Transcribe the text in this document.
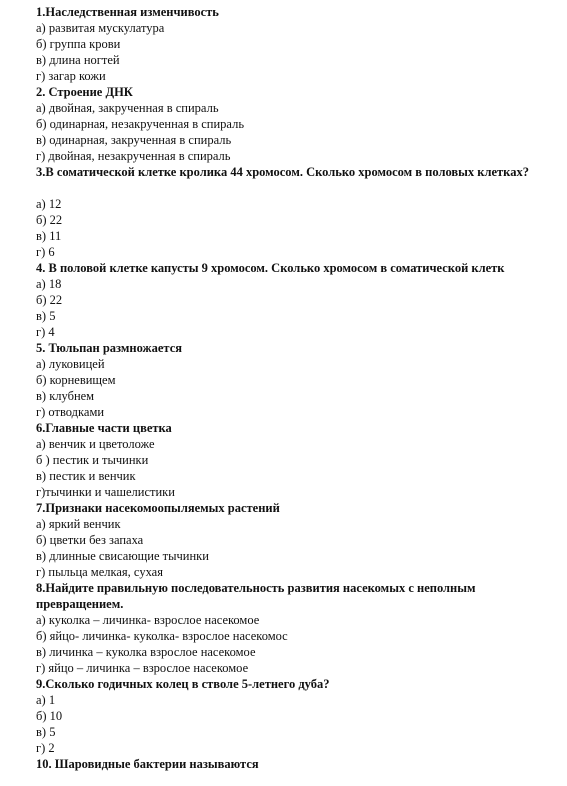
1.Наследственная изменчивость

а) развитая мускулатура

б) группа крови

в) длина ногтей

г) загар кожи

2. Строение ДНК

а) двойная, закрученная в спираль

б) одинарная, незакрученная в спираль

в) одинарная, закрученная в спираль

г) двойная, незакрученная в спираль

3.В соматической клетке кролика 44 хромосом. Сколько хромосом в половых клетках?

а) 12

б) 22

в) 11

г) 6

4. В половой клетке капусты 9 хромосом. Сколько хромосом в соматической клетк

а) 18

б) 22

в) 5

г) 4

5. Тюльпан размножается

а) луковицей

б) корневищем

в) клубнем

г) отводками

6.Главные части цветка

а) венчик и цветоложе

б ) пестик и тычинки

в) пестик и венчик

г)тычинки и чашелистики

7.Признаки насекомоопыляемых растений

а) яркий венчик

б) цветки без запаха

в) длинные свисающие тычинки

г) пыльца мелкая, сухая

8.Найдите правильную последовательность развития насекомых с неполным превращением.

а) куколка – личинка- взрослое насекомое

б) яйцо- личинка- куколка- взрослое насекомос

в) личинка – куколка взрослое насекомое

г) яйцо – личинка – взрослое насекомое

9.Сколько годичных колец в стволе 5-летнего дуба?

а) 1

б) 10

в) 5

г) 2

10. Шаровидные бактерии называются
